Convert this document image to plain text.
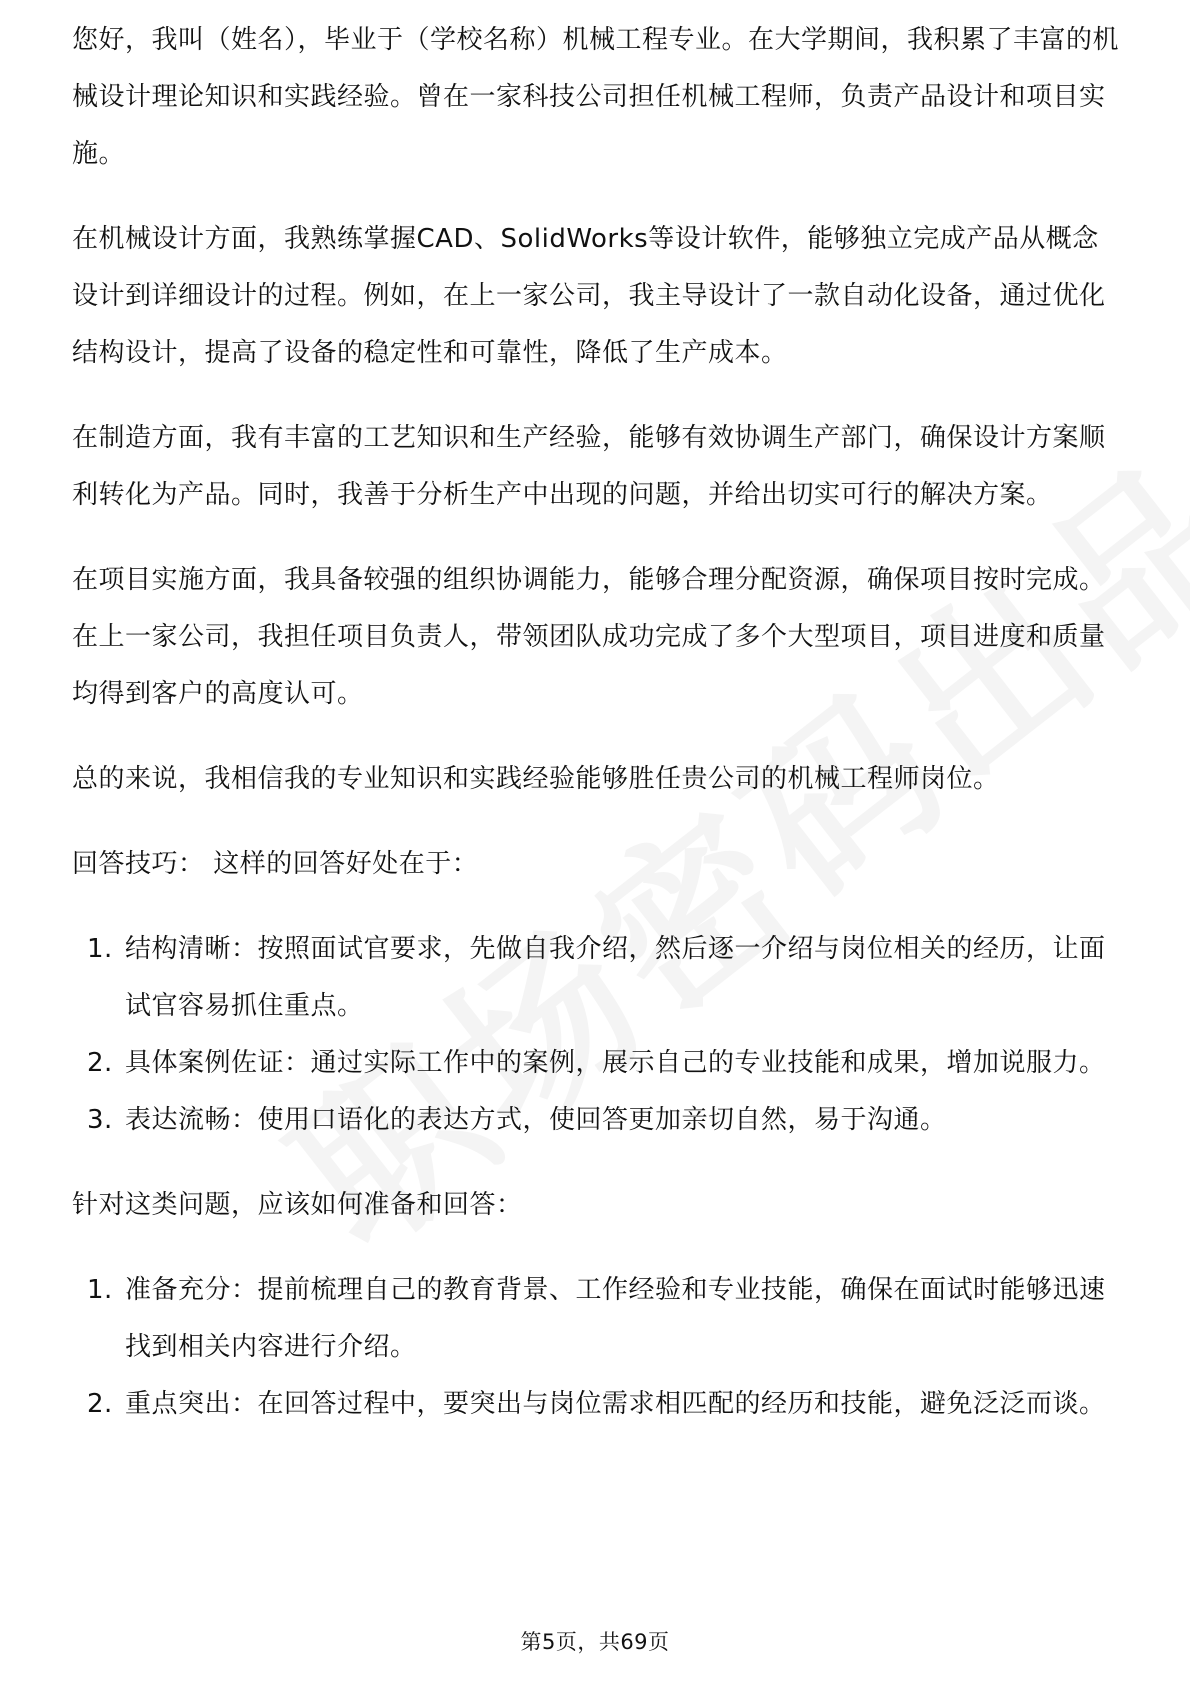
您好，我叫（姓名），毕业于（学校名称）机械工程专业。在大学期间，我积累了丰富的机械设计理论知识和实践经验。曾在一家科技公司担任机械工程师，负责产品设计和项目实施。

在机械设计方面，我熟练掌握CAD、SolidWorks等设计软件，能够独立完成产品从概念设计到详细设计的过程。例如，在上一家公司，我主导设计了一款自动化设备，通过优化结构设计，提高了设备的稳定性和可靠性，降低了生产成本。

在制造方面，我有丰富的工艺知识和生产经验，能够有效协调生产部门，确保设计方案顺利转化为产品。同时，我善于分析生产中出现的问题，并给出切实可行的解决方案。

在项目实施方面，我具备较强的组织协调能力，能够合理分配资源，确保项目按时完成。在上一家公司，我担任项目负责人，带领团队成功完成了多个大型项目，项目进度和质量均得到客户的高度认可。

总的来说，我相信我的专业知识和实践经验能够胜任贵公司的机械工程师岗位。

回答技巧： 这样的回答好处在于：

1. 结构清晰：按照面试官要求，先做自我介绍，然后逐一介绍与岗位相关的经历，让面试官容易抓住重点。
2. 具体案例佐证：通过实际工作中的案例，展示自己的专业技能和成果，增加说服力。
3. 表达流畅：使用口语化的表达方式，使回答更加亲切自然，易于沟通。

针对这类问题，应该如何准备和回答：

1. 准备充分：提前梳理自己的教育背景、工作经验和专业技能，确保在面试时能够迅速找到相关内容进行介绍。
2. 重点突出：在回答过程中，要突出与岗位需求相匹配的经历和技能，避免泛泛而谈。
第5页，共69页
